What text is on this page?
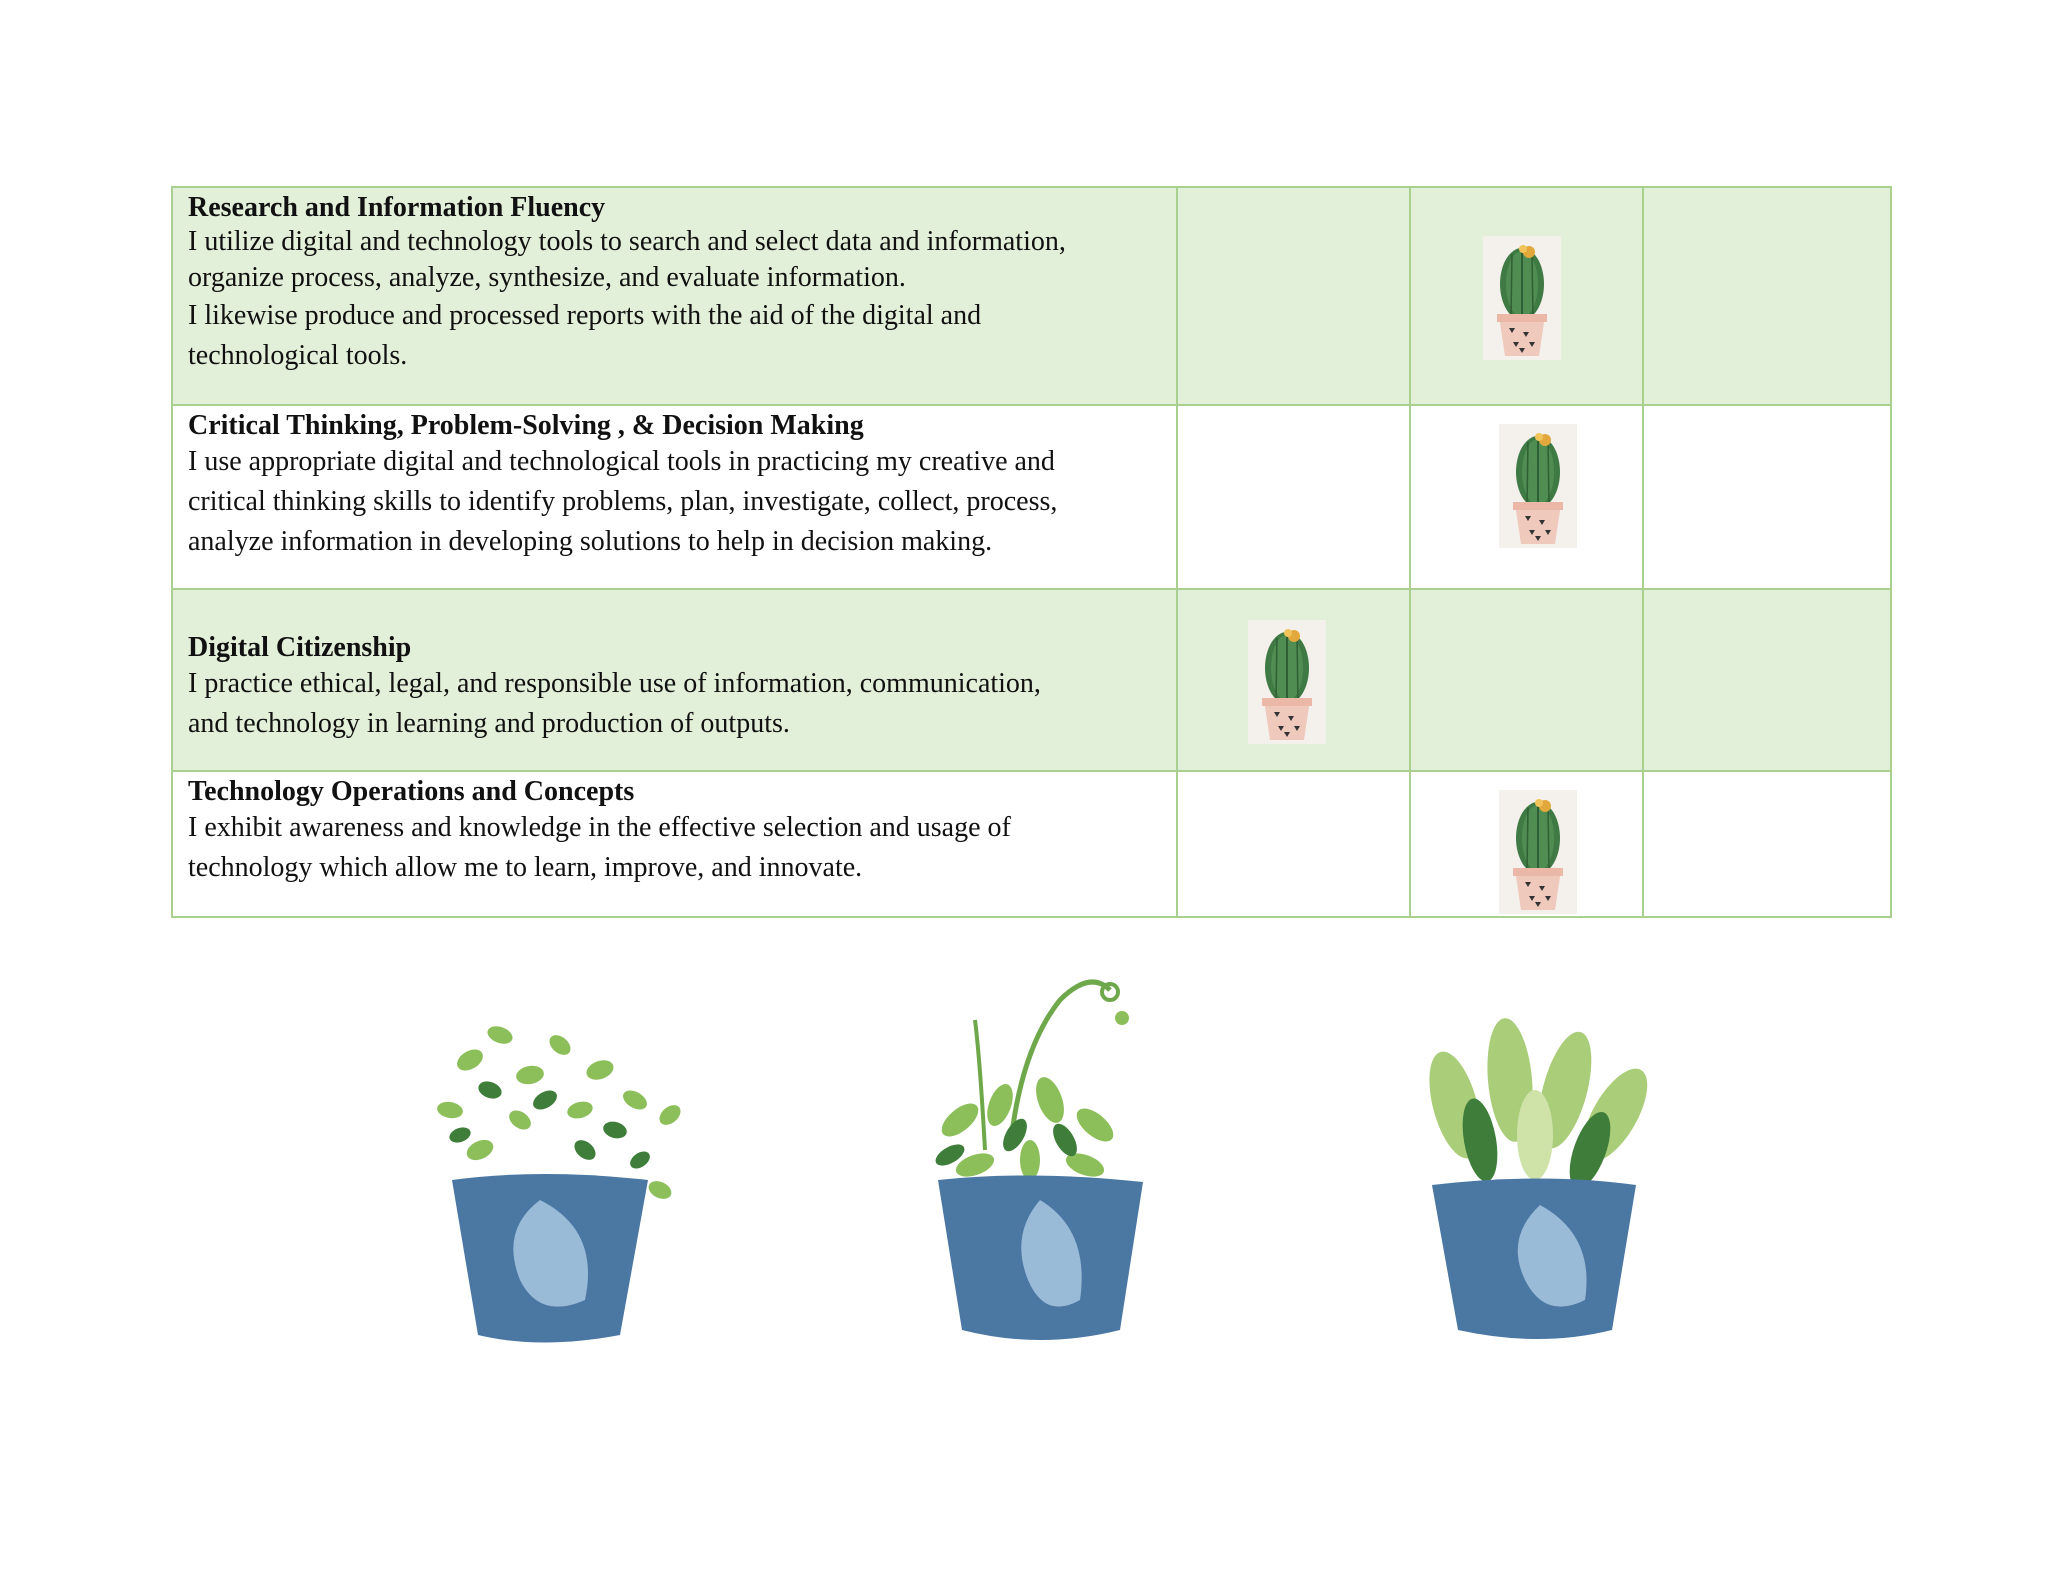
Research and Information Fluency
I utilize digital and technology tools to search and select data and information,
organize process, analyze, synthesize, and evaluate information.
I likewise produce and processed reports with the aid of the digital and
technological tools.

Critical Thinking, Problem-Solving , & Decision Making
I use appropriate digital and technological tools in practicing my creative and
critical thinking skills to identify problems, plan, investigate, collect, process,
analyze information in developing solutions to help in decision making.

Digital Citizenship
I practice ethical, legal, and responsible use of information, communication,
and technology in learning and production of outputs.

Technology Operations and Concepts
I exhibit awareness and knowledge in the effective selection and usage of
technology which allow me to learn, improve, and innovate.
